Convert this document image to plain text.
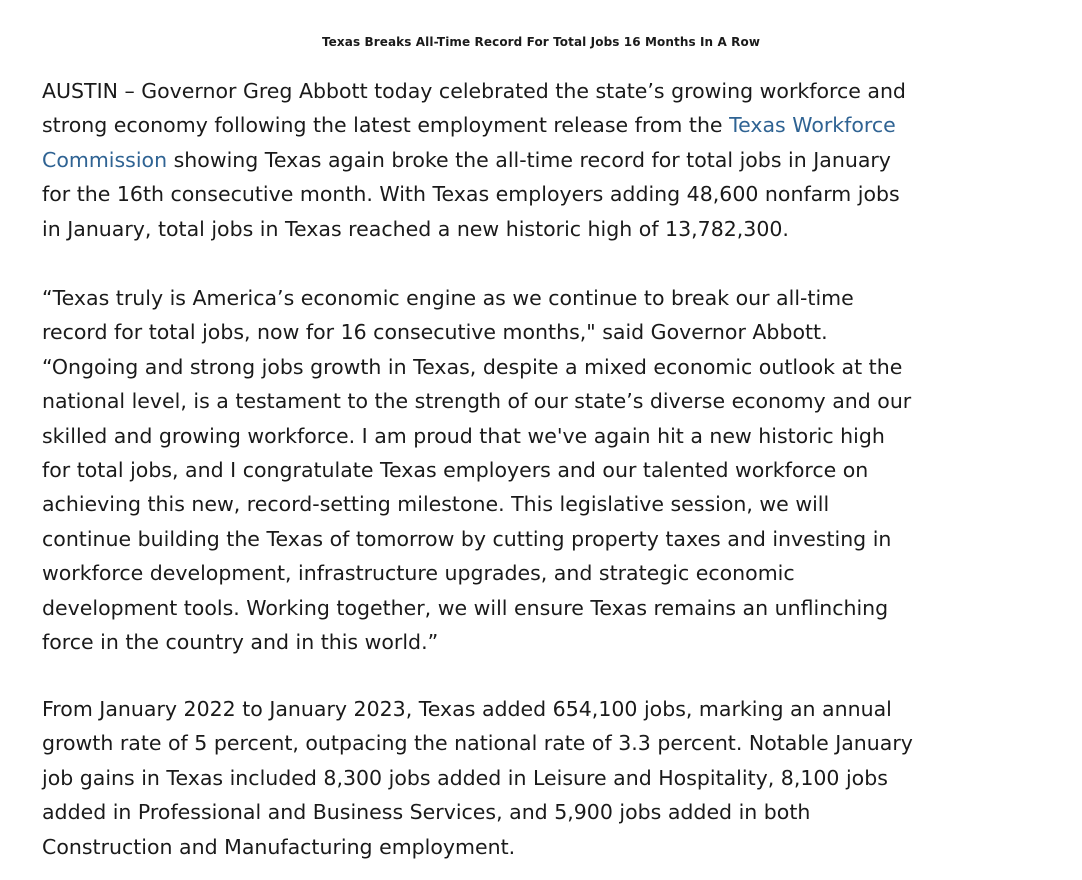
Texas Breaks All-Time Record For Total Jobs 16 Months In A Row

AUSTIN – Governor Greg Abbott today celebrated the state’s growing workforce and
strong economy following the latest employment release from the Texas Workforce
Commission showing Texas again broke the all-time record for total jobs in January
for the 16th consecutive month. With Texas employers adding 48,600 nonfarm jobs
in January, total jobs in Texas reached a new historic high of 13,782,300.

“Texas truly is America’s economic engine as we continue to break our all-time
record for total jobs, now for 16 consecutive months," said Governor Abbott.
“Ongoing and strong jobs growth in Texas, despite a mixed economic outlook at the
national level, is a testament to the strength of our state’s diverse economy and our
skilled and growing workforce. I am proud that we've again hit a new historic high
for total jobs, and I congratulate Texas employers and our talented workforce on
achieving this new, record-setting milestone. This legislative session, we will
continue building the Texas of tomorrow by cutting property taxes and investing in
workforce development, infrastructure upgrades, and strategic economic
development tools. Working together, we will ensure Texas remains an unflinching
force in the country and in this world.”

From January 2022 to January 2023, Texas added 654,100 jobs, marking an annual
growth rate of 5 percent, outpacing the national rate of 3.3 percent. Notable January
job gains in Texas included 8,300 jobs added in Leisure and Hospitality, 8,100 jobs
added in Professional and Business Services, and 5,900 jobs added in both
Construction and Manufacturing employment.
